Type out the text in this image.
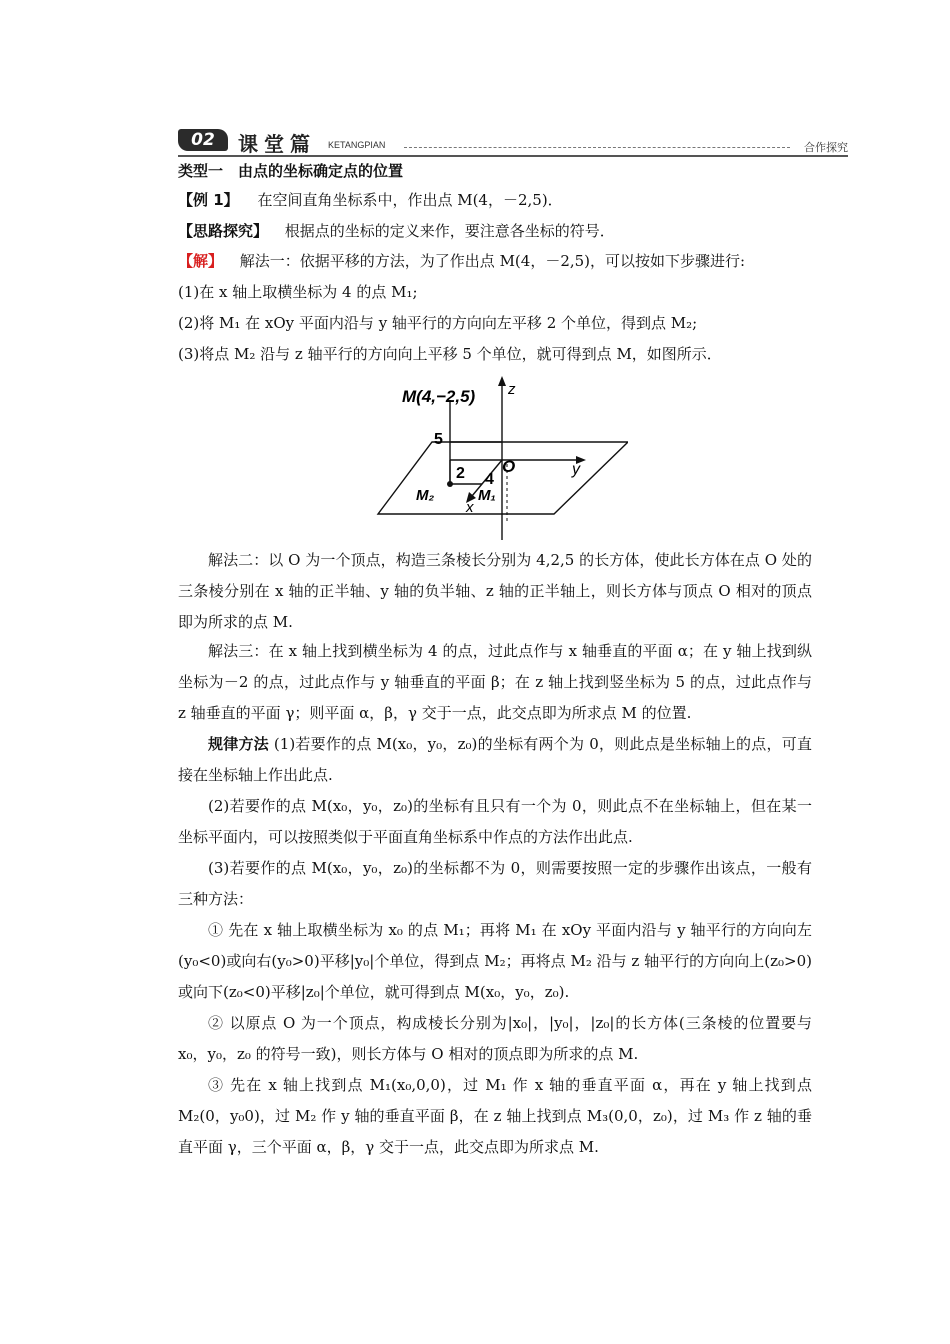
02	课堂篇 KETANGPIAN	合作探究
类型一　由点的坐标确定点的位置
【例 1】 在空间直角坐标系中，作出点 M(4，－2,5)．
【思路探究】 根据点的坐标的定义来作，要注意各坐标的符号．
【解】 解法一：依据平移的方法，为了作出点 M(4，－2,5)，可以按如下步骤进行:
(1)在 x 轴上取横坐标为 4 的点 M₁;
(2)将 M₁ 在 xOy 平面内沿与 y 轴平行的方向向左平移 2 个单位，得到点 M₂;
(3)将点 M₂ 沿与 z 轴平行的方向向上平移 5 个单位，就可得到点 M，如图所示．
M(4,−2,5) z
y
x
O
5
2 4
M₁
M₂
解法二：以 O 为一个顶点，构造三条棱长分别为 4,2,5 的长方体，使此长方体在点 O 处的三条棱分别在 x 轴的正半轴、y 轴的负半轴、z 轴的正半轴上，则长方体与顶点 O 相对的顶点即为所求的点 M.
解法三：在 x 轴上找到横坐标为 4 的点，过此点作与 x 轴垂直的平面 α；在 y 轴上找到纵坐标为－2 的点，过此点作与 y 轴垂直的平面 β；在 z 轴上找到竖坐标为 5 的点，过此点作与 z 轴垂直的平面 γ；则平面 α，β，γ 交于一点，此交点即为所求点 M 的位置.
规律方法 (1)若要作的点 M(x₀，y₀，z₀)的坐标有两个为 0，则此点是坐标轴上的点，可直接在坐标轴上作出此点.
(2)若要作的点 M(x₀，y₀，z₀)的坐标有且只有一个为 0，则此点不在坐标轴上，但在某一坐标平面内，可以按照类似于平面直角坐标系中作点的方法作出此点.
(3)若要作的点 M(x₀，y₀，z₀)的坐标都不为 0，则需要按照一定的步骤作出该点，一般有三种方法：
① 先在 x 轴上取横坐标为 x₀ 的点 M₁；再将 M₁ 在 xOy 平面内沿与 y 轴平行的方向向左(y₀<0)或向右(y₀>0)平移|y₀|个单位，得到点 M₂；再将点 M₂ 沿与 z 轴平行的方向向上(z₀>0)或向下(z₀<0)平移|z₀|个单位，就可得到点 M(x₀，y₀，z₀).
② 以原点 O 为一个顶点，构成棱长分别为|x₀|，|y₀|，|z₀|的长方体(三条棱的位置要与 x₀，y₀，z₀ 的符号一致)，则长方体与 O 相对的顶点即为所求的点 M.
③ 先在 x 轴上找到点 M₁(x₀,0,0)，过 M₁ 作 x 轴的垂直平面 α，再在 y 轴上找到点 M₂(0，y₀0)，过 M₂ 作 y 轴的垂直平面 β，在 z 轴上找到点 M₃(0,0，z₀)，过 M₃ 作 z 轴的垂直平面 γ，三个平面 α，β，γ 交于一点，此交点即为所求点 M.
